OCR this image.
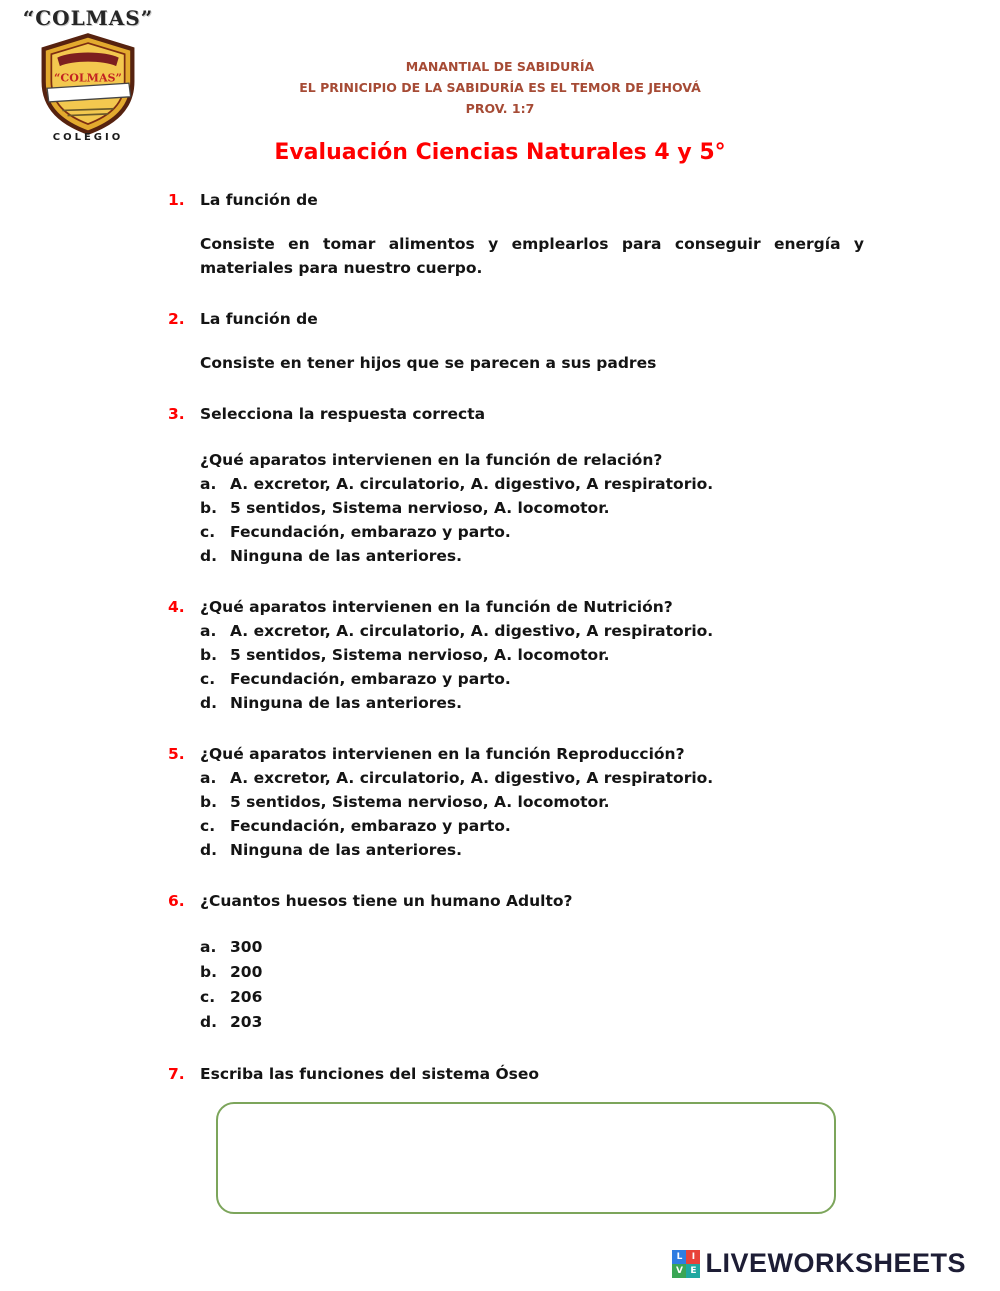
“COLMAS”
“COLMAS”
COLEGIO
MANANTIAL DE SABIDURÍA
EL PRINICIPIO DE LA SABIDURÍA ES EL TEMOR DE JEHOVÁ
PROV. 1:7
Evaluación Ciencias Naturales 4 y 5°
1. La función de

Consiste en tomar alimentos y emplearlos para conseguir energía y materiales para nuestro cuerpo.

2. La función de

Consiste en tener hijos que se parecen a sus padres

3. Selecciona la respuesta correcta
¿Qué aparatos intervienen en la función de relación?
a. A. excretor, A. circulatorio, A. digestivo, A respiratorio.
b. 5 sentidos, Sistema nervioso, A. locomotor.
c. Fecundación, embarazo y parto.
d. Ninguna de las anteriores.
4. ¿Qué aparatos intervienen en la función de Nutrición?
a. A. excretor, A. circulatorio, A. digestivo, A respiratorio.
b. 5 sentidos, Sistema nervioso, A. locomotor.
c. Fecundación, embarazo y parto.
d. Ninguna de las anteriores.
5. ¿Qué aparatos intervienen en la función Reproducción?
a. A. excretor, A. circulatorio, A. digestivo, A respiratorio.
b. 5 sentidos, Sistema nervioso, A. locomotor.
c. Fecundación, embarazo y parto.
d. Ninguna de las anteriores.
6. ¿Cuantos huesos tiene un humano Adulto?
a. 300
b. 200
c. 206
d. 203
7. Escriba las funciones del sistema Óseo
L	I
V E LIVEWORKSHEETS
